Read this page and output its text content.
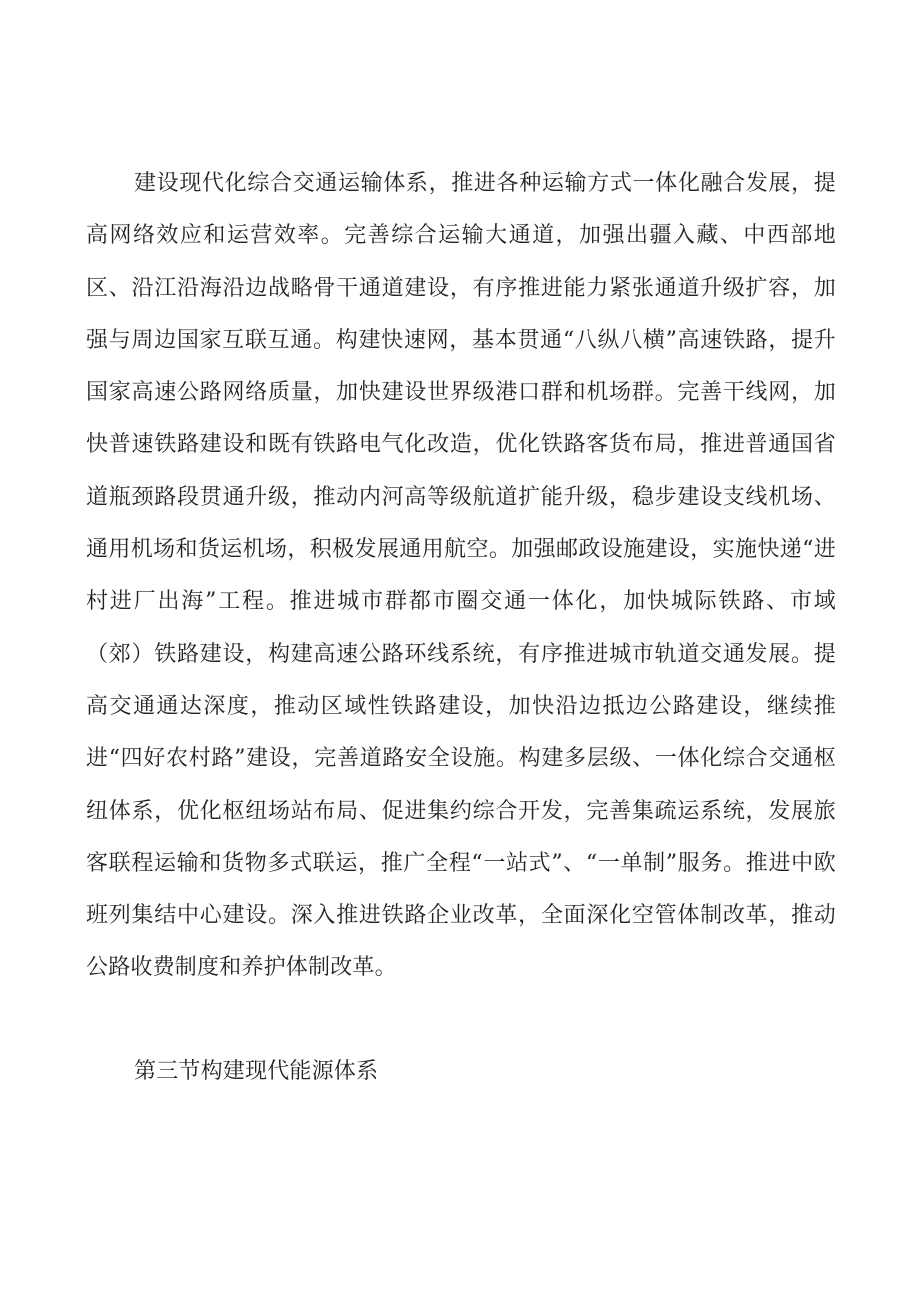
建设现代化综合交通运输体系，推进各种运输方式一体化融合发展，提高网络效应和运营效率。完善综合运输大通道，加强出疆入藏、中西部地区、沿江沿海沿边战略骨干通道建设，有序推进能力紧张通道升级扩容，加强与周边国家互联互通。构建快速网，基本贯通“八纵八横”高速铁路，提升国家高速公路网络质量，加快建设世界级港口群和机场群。完善干线网，加快普速铁路建设和既有铁路电气化改造，优化铁路客货布局，推进普通国省道瓶颈路段贯通升级，推动内河高等级航道扩能升级，稳步建设支线机场、通用机场和货运机场，积极发展通用航空。加强邮政设施建设，实施快递“进村进厂出海”工程。推进城市群都市圈交通一体化，加快城际铁路、市域（郊）铁路建设，构建高速公路环线系统，有序推进城市轨道交通发展。提高交通通达深度，推动区域性铁路建设，加快沿边抵边公路建设，继续推进“四好农村路”建设，完善道路安全设施。构建多层级、一体化综合交通枢纽体系，优化枢纽场站布局、促进集约综合开发，完善集疏运系统，发展旅客联程运输和货物多式联运，推广全程“一站式”、“一单制”服务。推进中欧班列集结中心建设。深入推进铁路企业改革，全面深化空管体制改革，推动公路收费制度和养护体制改革。

第三节构建现代能源体系
